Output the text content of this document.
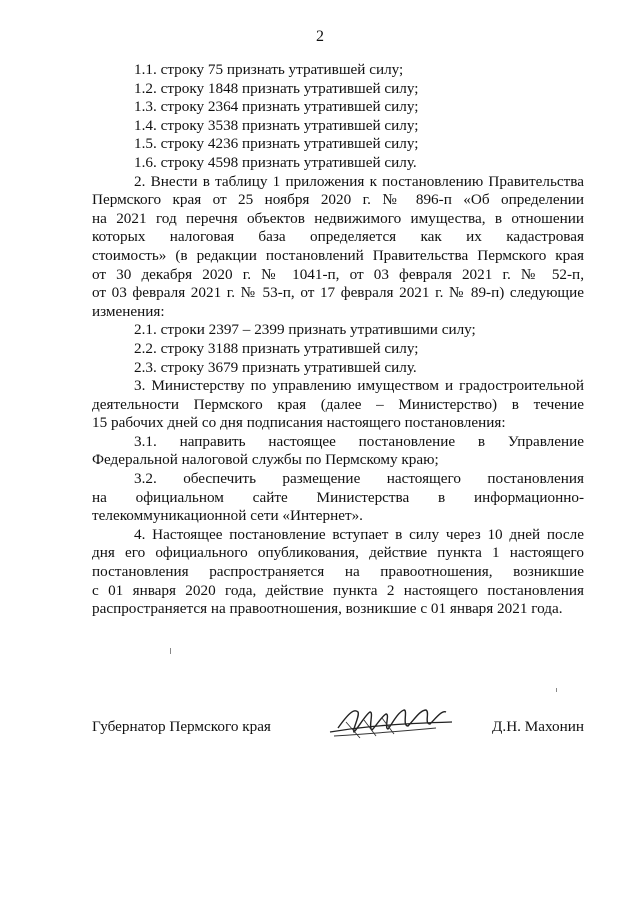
2
1.1. строку 75 признать утратившей силу;
1.2. строку 1848 признать утратившей силу;
1.3. строку 2364 признать утратившей силу;
1.4. строку 3538 признать утратившей силу;
1.5. строку 4236 признать утратившей силу;
1.6. строку 4598 признать утратившей силу.
2. Внести в таблицу 1 приложения к постановлению Правительства
Пермского края от 25 ноября 2020 г. № 896-п «Об определении
на 2021 год перечня объектов недвижимого имущества, в отношении
которых налоговая база определяется как их кадастровая
стоимость» (в редакции постановлений Правительства Пермского края
от 30 декабря 2020 г. № 1041-п, от 03 февраля 2021 г. № 52-п,
от 03 февраля 2021 г. № 53-п, от 17 февраля 2021 г. № 89-п) следующие
изменения:
2.1. строки 2397 – 2399 признать утратившими силу;
2.2. строку 3188 признать утратившей силу;
2.3. строку 3679 признать утратившей силу.
3. Министерству по управлению имуществом и градостроительной
деятельности Пермского края (далее – Министерство) в течение
15 рабочих дней со дня подписания настоящего постановления:
3.1. направить настоящее постановление в Управление
Федеральной налоговой службы по Пермскому краю;
3.2. обеспечить размещение настоящего постановления
на официальном сайте Министерства в информационно-
телекоммуникационной сети «Интернет».
4. Настоящее постановление вступает в силу через 10 дней после
дня его официального опубликования, действие пункта 1 настоящего
постановления распространяется на правоотношения, возникшие
с 01 января 2020 года, действие пункта 2 настоящего постановления
распространяется на правоотношения, возникшие с 01 января 2021 года.
Губернатор Пермского края	Д.Н. Махонин
